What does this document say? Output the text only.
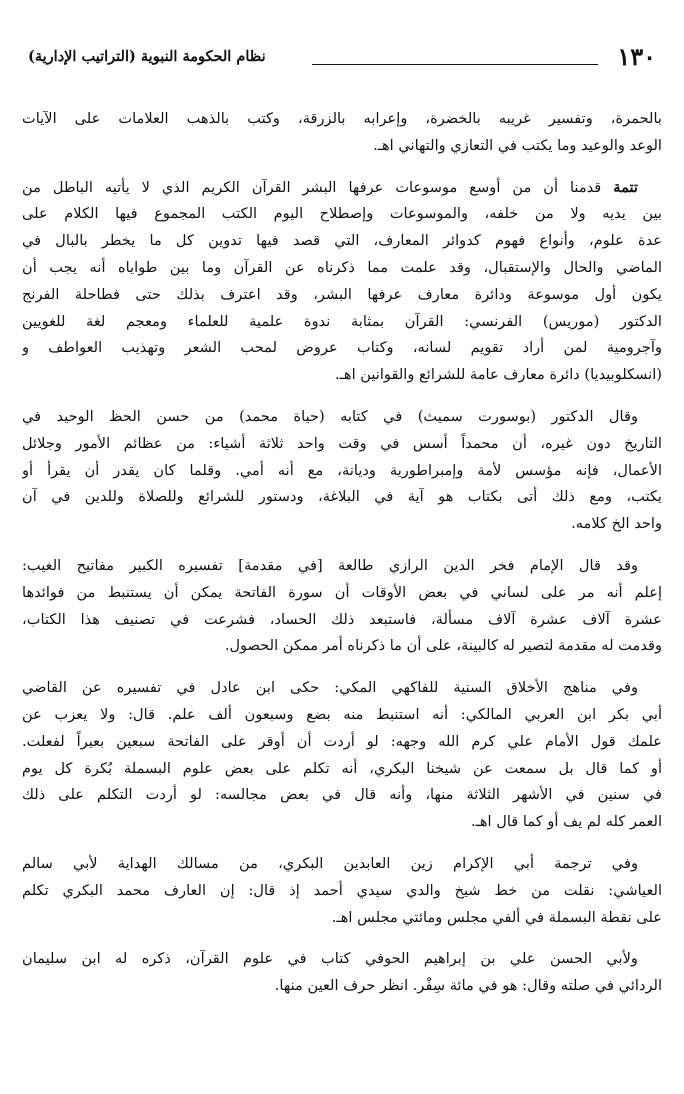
١٣٠
نظام الحكومة النبوية (التراتيب الإدارية)
بالحمرة، وتفسير غريبه بالخضرة، وإعرابه بالزرقة، وكتب بالذهب العلامات على الآيات
الوعد والوعيد وما يكتب في التعازي والتهاني اهـ.
تتمة قدمنا أن من أوسع موسوعات عرفها البشر القرآن الكريم الذي لا يأتيه الباطل من
بين يديه ولا من خلفه، والموسوعات وإصطلاح اليوم الكتب المجموع فيها الكلام على
عدة علوم، وأنواع فهوم كدوائر المعارف، التي قصد فيها تدوين كل ما يخطر بالبال في
الماضي والحال والإستقبال، وقد علمت مما ذكرناه عن القرآن وما بين طواياه أنه يجب أن
يكون أول موسوعة ودائرة معارف عرفها البشر، وقد اعترف بذلك حتى فطاحلة الفرنج
الدكتور (موريس) الفرنسي: القرآن بمثابة ندوة علمية للعلماء ومعجم لغة للغويين
وآجرومية لمن أراد تقويم لسانه، وكتاب عروض لمحب الشعر وتهذيب العواطف و
(انسكلوبيديا) دائرة معارف عامة للشرائع والقوانين اهـ.
وقال الدكتور (بوسورت سميث) في كتابه (حياة محمد) من حسن الحظ الوحيد في
التاريخ دون غيره، أن محمداً أسس في وقت واحد ثلاثة أشياء: من عظائم الأمور وجلائل
الأعمال، فإنه مؤسس لأمة وإمبراطورية وديانة، مع أنه أمي. وقلما كان يقدر أن يقرأ أو
يكتب، ومع ذلك أتى بكتاب هو آية في البلاغة، ودستور للشرائع وللصلاة وللدين في آن
واحد الخ كلامه.
وقد قال الإمام فخر الدين الرازي طالعة [في مقدمة] تفسيره الكبير مفاتيح الغيب:
إعلم أنه مر على لساني في بعض الأوقات أن سورة الفاتحة يمكن أن يستنبط من فوائدها
عشرة آلاف عشرة آلاف مسألة، فاستبعد ذلك الحساد، فشرعت في تصنيف هذا الكتاب،
وقدمت له مقدمة لتصير له كالبينة، على أن ما ذكرناه أمر ممكن الحصول.
وفي مناهج الأخلاق السنية للفاكهي المكي: حكى ابن عادل في تفسيره عن القاضي
أبي بكر ابن العربي المالكي: أنه استنبط منه بضع وسبعون ألف علم. قال: ولا يعزب عن
علمك قول الأمام علي كرم الله وجهه: لو أردت أن أوقر على الفاتحة سبعين بعيراً لفعلت.
أو كما قال بل سمعت عن شيخنا البكري، أنه تكلم على بعض علوم البسملة بُكرة كل يوم
في سنين في الأشهر الثلاثة منها، وأنه قال في بعض مجالسه: لو أردت التكلم على ذلك
العمر كله لم يف أو كما قال اهـ.
وفي ترجمة أبي الإكرام زين العابدين البكري، من مسالك الهداية لأبي سالم
العياشي: نقلت من خط شيخ والدي سيدي أحمد إذ قال: إن العارف محمد البكري تكلم
على نقطة البسملة في ألفي مجلس ومائتي مجلس اهـ.
ولأبي الحسن علي بن إبراهيم الحوفي كتاب في علوم القرآن، ذكره له ابن سليمان
الردائي في صلته وقال: هو في مائة سِفْر. انظر حرف العين منها.
